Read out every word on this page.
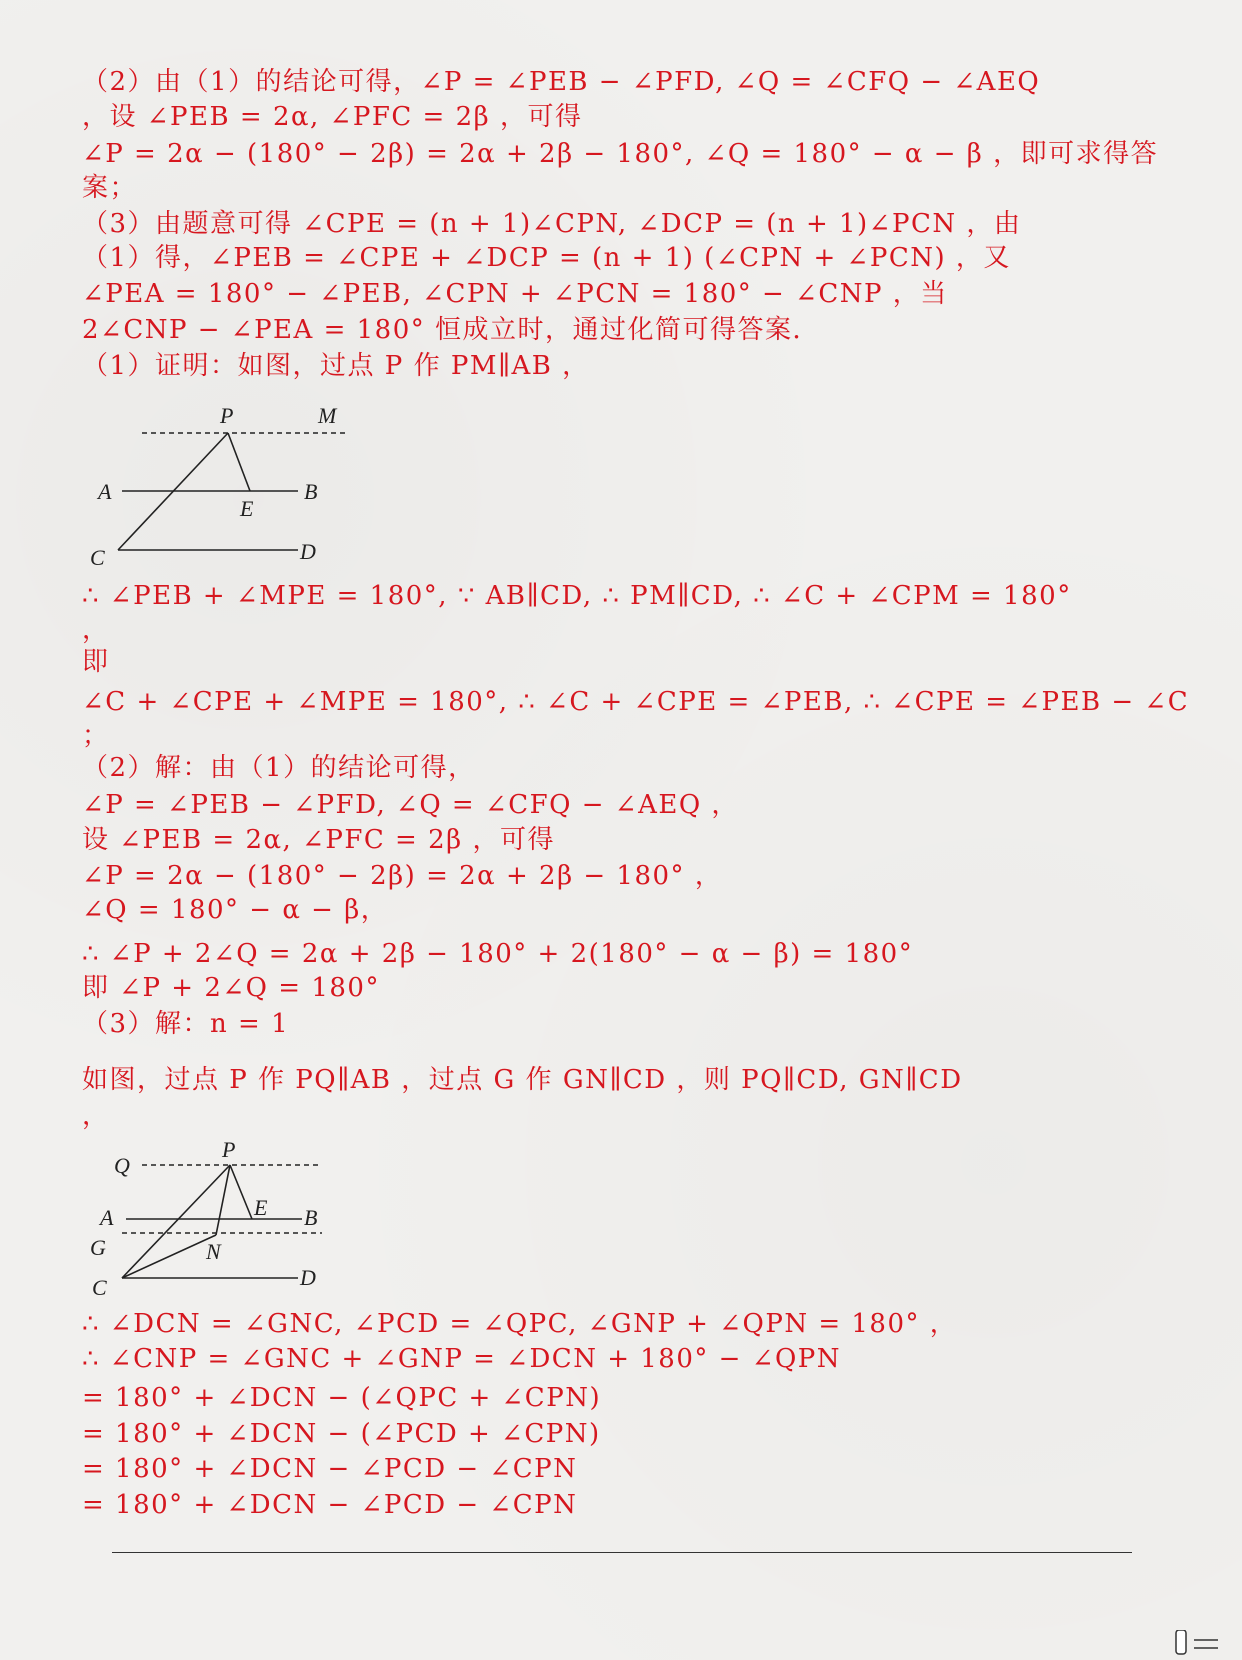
（2）由（1）的结论可得，∠P = ∠PEB − ∠PFD, ∠Q = ∠CFQ − ∠AEQ
，设 ∠PEB = 2α, ∠PFC = 2β ，可得
∠P = 2α − (180° − 2β) = 2α + 2β − 180°, ∠Q = 180° − α − β ，即可求得答
案；
（3）由题意可得 ∠CPE = (n + 1)∠CPN, ∠DCP = (n + 1)∠PCN ，由
（1）得，∠PEB = ∠CPE + ∠DCP = (n + 1) (∠CPN + ∠PCN) ，又
∠PEA = 180° − ∠PEB, ∠CPN + ∠PCN = 180° − ∠CNP ，当
2∠CNP − ∠PEA = 180° 恒成立时，通过化简可得答案．
（1）证明：如图，过点 P 作 PM∥AB ，
P	M
A	B
E
C	D
∴ ∠PEB + ∠MPE = 180°, ∵ AB∥CD, ∴ PM∥CD, ∴ ∠C + ∠CPM = 180°
，
即
∠C + ∠CPE + ∠MPE = 180°, ∴ ∠C + ∠CPE = ∠PEB, ∴ ∠CPE = ∠PEB − ∠C
；
（2）解：由（1）的结论可得，
∠P = ∠PEB − ∠PFD, ∠Q = ∠CFQ − ∠AEQ ，
设 ∠PEB = 2α, ∠PFC = 2β ，可得
∠P = 2α − (180° − 2β) = 2α + 2β − 180° ，
∠Q = 180° − α − β，
∴ ∠P + 2∠Q = 2α + 2β − 180° + 2(180° − α − β) = 180°
即 ∠P + 2∠Q = 180°
（3）解：n = 1
如图，过点 P 作 PQ∥AB ，过点 G 作 GN∥CD ，则 PQ∥CD, GN∥CD
，
Q
P
A	E B
G	N
C	D
∴ ∠DCN = ∠GNC, ∠PCD = ∠QPC, ∠GNP + ∠QPN = 180° ，
∴ ∠CNP = ∠GNC + ∠GNP = ∠DCN + 180° − ∠QPN
= 180° + ∠DCN − (∠QPC + ∠CPN)
= 180° + ∠DCN − (∠PCD + ∠CPN)
= 180° + ∠DCN − ∠PCD − ∠CPN
= 180° + ∠DCN − ∠PCD − ∠CPN
